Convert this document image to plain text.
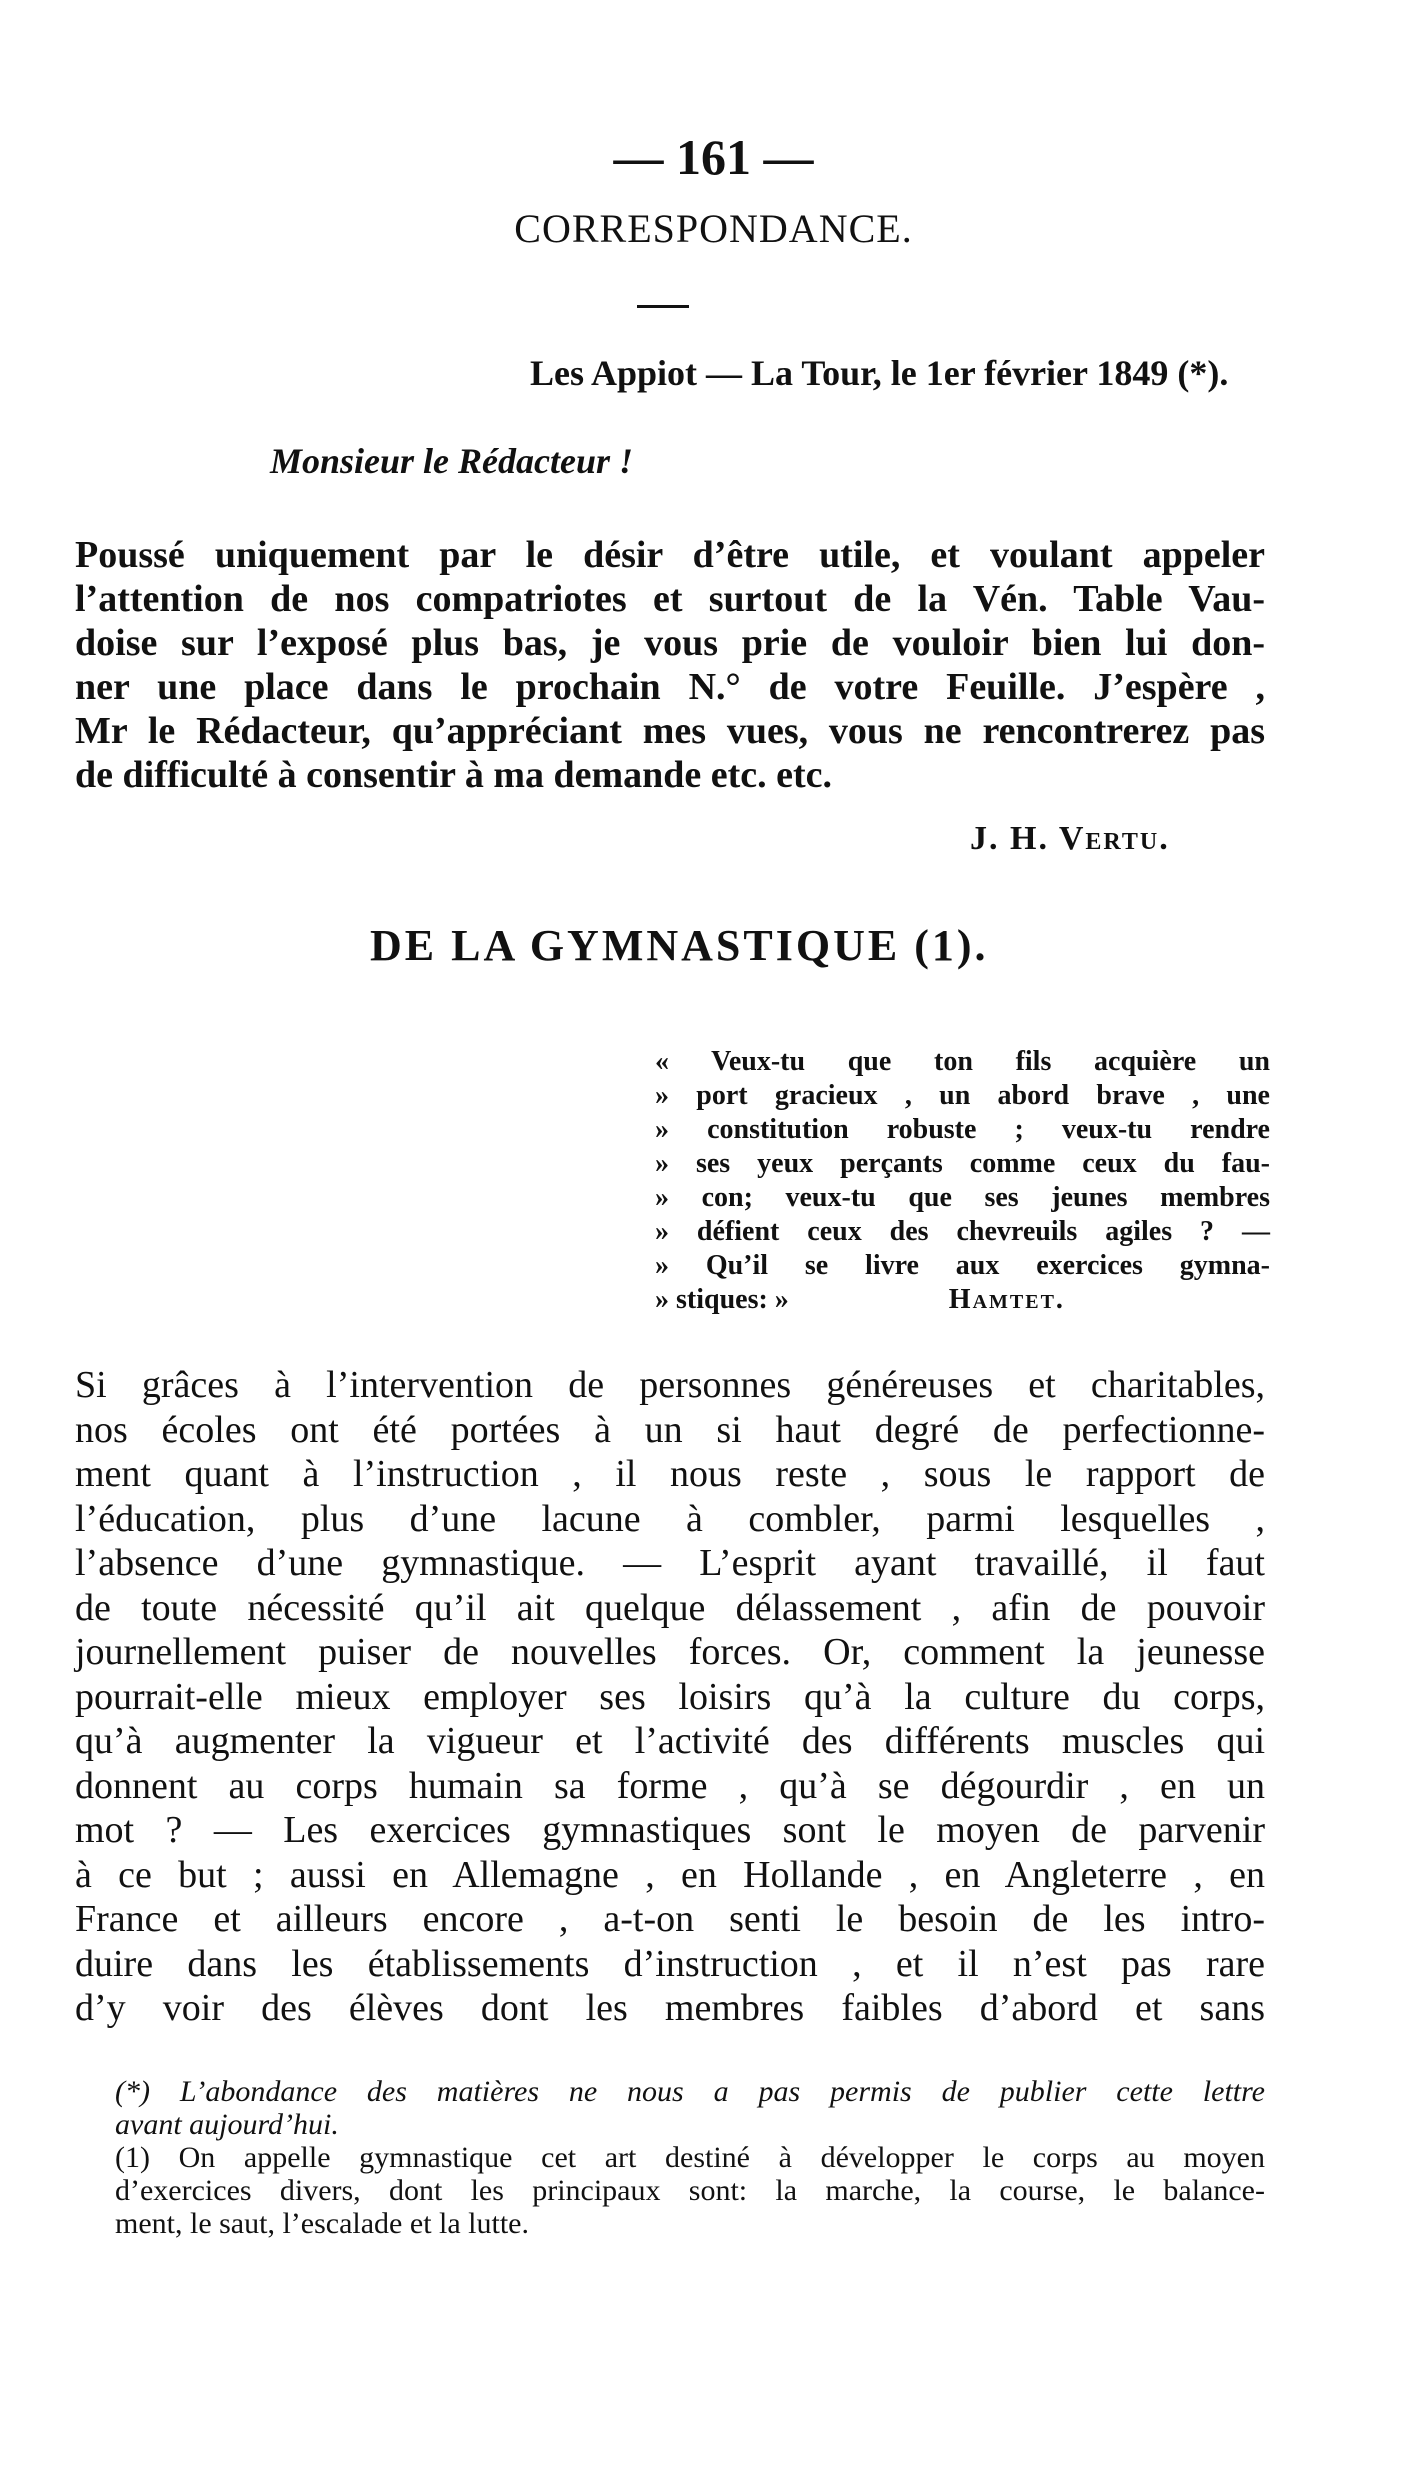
— 161 —
CORRESPONDANCE.
Les Appiot — La Tour, le 1er février 1849 (*).
Monsieur le Rédacteur !
Poussé uniquement par le désir d’être utile, et voulant appeler
l’attention de nos compatriotes et surtout de la Vén. Table Vau-
doise sur l’exposé plus bas, je vous prie de vouloir bien lui don-
ner une place dans le prochain N.° de votre Feuille. J’espère ,
Mr le Rédacteur, qu’appréciant mes vues, vous ne rencontrerez pas
de difficulté à consentir à ma demande etc. etc.
J. H. Vertu.
DE LA GYMNASTIQUE (1).
« Veux-tu que ton fils acquière un
» port gracieux , un abord brave , une
» constitution robuste ; veux-tu rendre
» ses yeux perçants comme ceux du fau-
» con; veux-tu que ses jeunes membres
» défient ceux des chevreuils agiles ? —
» Qu’il se livre aux exercices gymna-
» stiques: »	Hamtet.
Si grâces à l’intervention de personnes généreuses et charitables,
nos écoles ont été portées à un si haut degré de perfectionne-
ment quant à l’instruction , il nous reste , sous le rapport de
l’éducation, plus d’une lacune à combler, parmi lesquelles ,
l’absence d’une gymnastique. — L’esprit ayant travaillé, il faut
de toute nécessité qu’il ait quelque délassement , afin de pouvoir
journellement puiser de nouvelles forces. Or, comment la jeunesse
pourrait-elle mieux employer ses loisirs qu’à la culture du corps,
qu’à augmenter la vigueur et l’activité des différents muscles qui
donnent au corps humain sa forme , qu’à se dégourdir , en un
mot ? — Les exercices gymnastiques sont le moyen de parvenir
à ce but ; aussi en Allemagne , en Hollande , en Angleterre , en
France et ailleurs encore , a-t-on senti le besoin de les intro-
duire dans les établissements d’instruction , et il n’est pas rare
d’y voir des élèves dont les membres faibles d’abord et sans
(*) L’abondance des matières ne nous a pas permis de publier cette lettre
avant aujourd’hui.
(1) On appelle gymnastique cet art destiné à développer le corps au moyen
d’exercices divers, dont les principaux sont: la marche, la course, le balance-
ment, le saut, l’escalade et la lutte.
